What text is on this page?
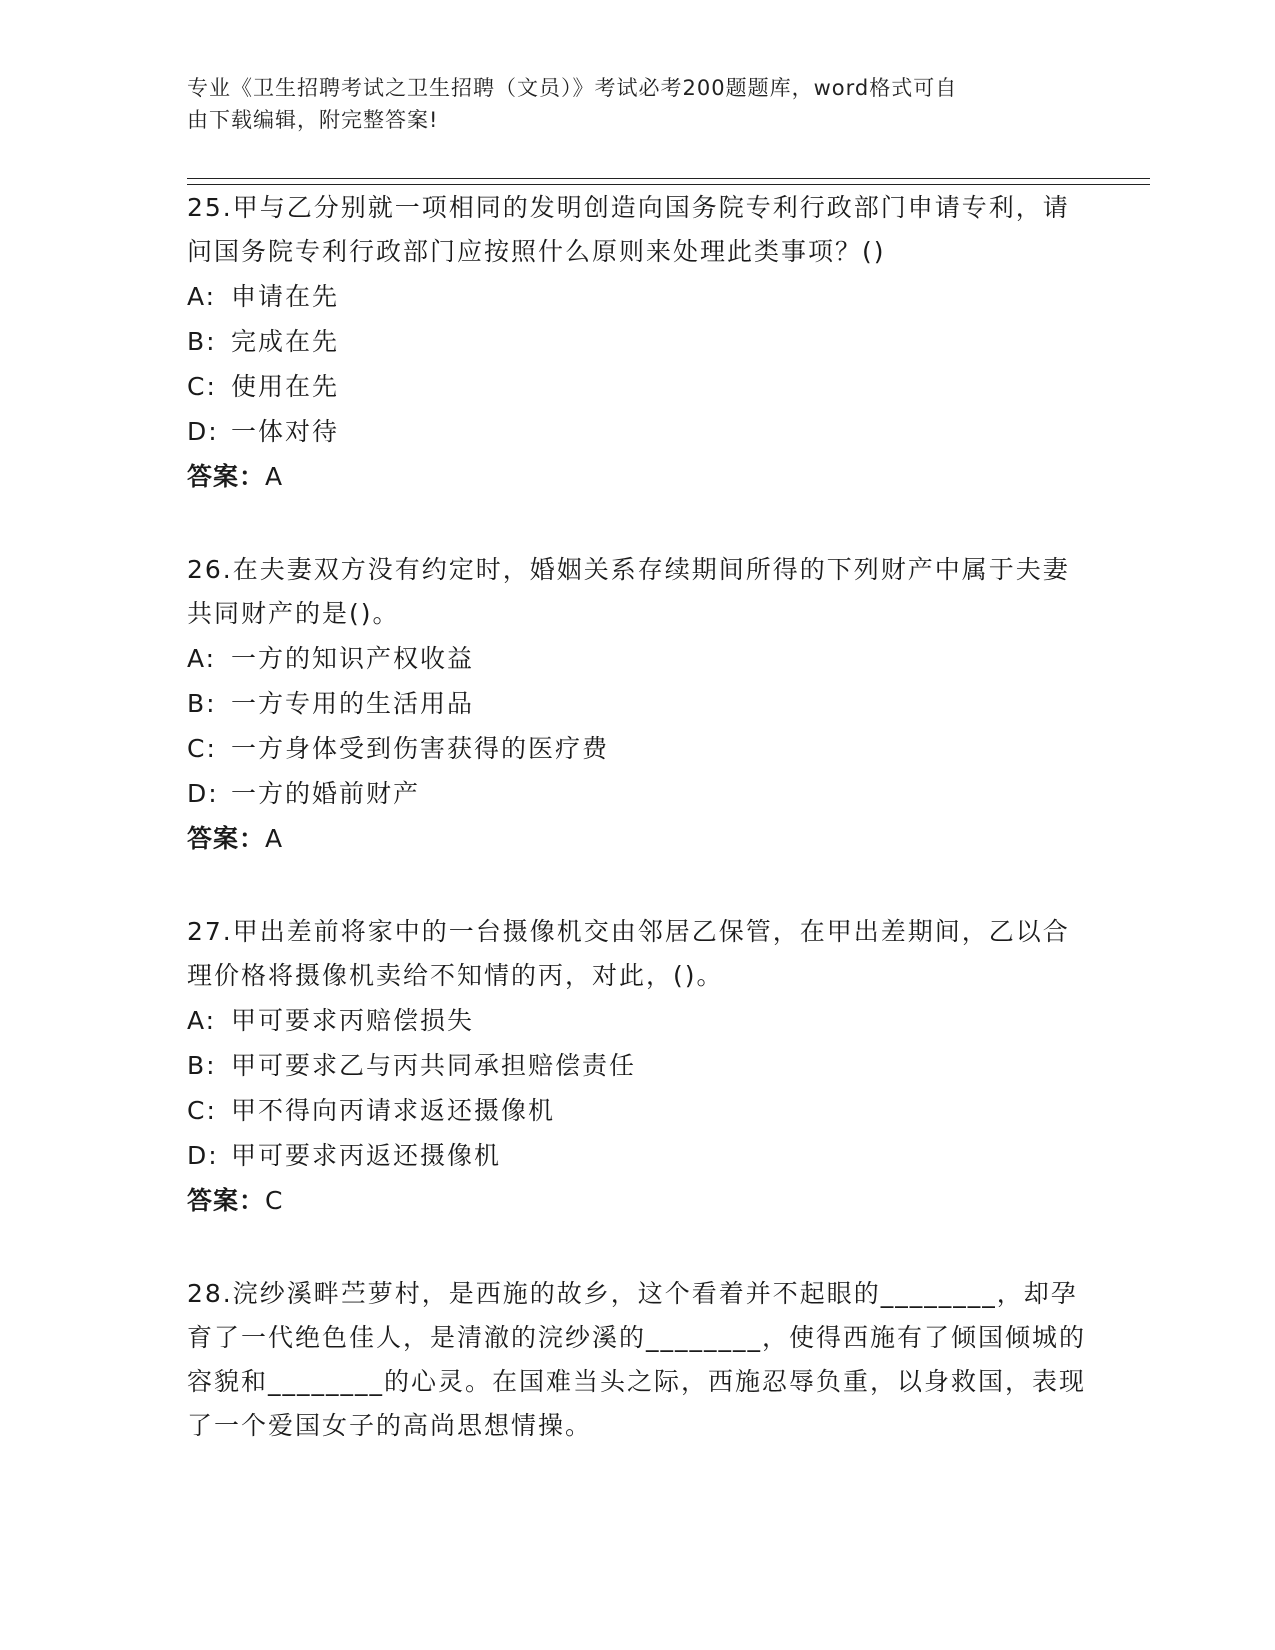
专业《卫生招聘考试之卫生招聘（文员）》考试必考200题题库，word格式可自
由下载编辑，附完整答案!

25.甲与乙分别就一项相同的发明创造向国务院专利行政部门申请专利，请问国务院专利行政部门应按照什么原则来处理此类事项？()

A: 申请在先

B: 完成在先

C: 使用在先

D: 一体对待

答案：A

26.在夫妻双方没有约定时，婚姻关系存续期间所得的下列财产中属于夫妻共同财产的是()。

A: 一方的知识产权收益

B: 一方专用的生活用品

C: 一方身体受到伤害获得的医疗费

D: 一方的婚前财产

答案：A

27.甲出差前将家中的一台摄像机交由邻居乙保管，在甲出差期间，乙以合理价格将摄像机卖给不知情的丙，对此，()。

A: 甲可要求丙赔偿损失

B: 甲可要求乙与丙共同承担赔偿责任

C: 甲不得向丙请求返还摄像机

D: 甲可要求丙返还摄像机

答案：C

28.浣纱溪畔苎萝村，是西施的故乡，这个看着并不起眼的________，却孕育了一代绝色佳人，是清澈的浣纱溪的________，使得西施有了倾国倾城的容貌和________的心灵。在国难当头之际，西施忍辱负重，以身救国，表现了一个爱国女子的高尚思想情操。
